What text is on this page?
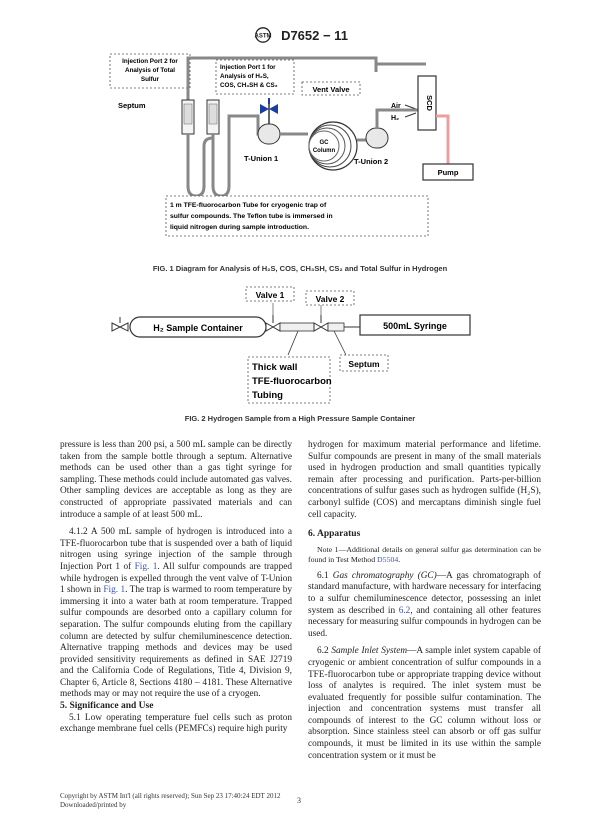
ASTM D7652 − 11
Injection Port 2 for
Analysis of Total
Sulfur
Injection Port 1 for
Analysis of H₂S,
COS, CH₃SH & CS₂
Septum
Vent Valve
GC
Column
Air
H₂
SCD
Pump
T-Union 1	T-Union 2
1 m TFE-fluorocarbon Tube for cryogenic trap of
sulfur compounds. The Teflon tube is immersed in
liquid nitrogen during sample introduction.
FIG. 1 Diagram for Analysis of H₂S, COS, CH₃SH, CS₂ and Total Sulfur in Hydrogen
Valve 1	Valve 2
H₂ Sample Container	500mL Syringe
Septum
Thick wall
TFE-fluorocarbon
Tubing
FIG. 2 Hydrogen Sample from a High Pressure Sample Container

pressure is less than 200 psi, a 500 mL sample can be directly taken from the sample bottle through a septum. Alternative methods can be used other than a gas tight syringe for sampling. These methods could include automated gas valves. Other sampling devices are acceptable as long as they are constructed of appropriate passivated materials and can introduce a sample of at least 500 mL.

4.1.2 A 500 mL sample of hydrogen is introduced into a TFE-fluorocarbon tube that is suspended over a bath of liquid nitrogen using syringe injection of the sample through Injection Port 1 of Fig. 1. All sulfur compounds are trapped while hydrogen is expelled through the vent valve of T-Union 1 shown in Fig. 1. The trap is warmed to room temperature by immersing it into a water bath at room temperature. Trapped sulfur compounds are desorbed onto a capillary column for separation. The sulfur compounds eluting from the capillary column are detected by sulfur chemiluminescence detection. Alternative trapping methods and devices may be used provided sensitivity requirements as defined in SAE J2719 and the California Code of Regulations, Title 4, Division 9, Chapter 6, Article 8, Sections 4180 – 4181. These Alternative methods may or may not require the use of a cryogen.

5. Significance and Use

5.1 Low operating temperature fuel cells such as proton exchange membrane fuel cells (PEMFCs) require high purity

hydrogen for maximum material performance and lifetime. Sulfur compounds are present in many of the small materials used in hydrogen production and small quantities typically remain after processing and purification. Parts-per-billion concentrations of sulfur gases such as hydrogen sulfide (H₂S), carbonyl sulfide (COS) and mercaptans diminish single fuel cell capacity.

6. Apparatus

Note 1—Additional details on general sulfur gas determination can be found in Test Method D5504.

6.1 Gas chromatography (GC)—A gas chromatograph of standard manufacture, with hardware necessary for interfacing to a sulfur chemiluminescence detector, possessing an inlet system as described in 6.2, and containing all other features necessary for measuring sulfur compounds in hydrogen can be used.

6.2 Sample Inlet System—A sample inlet system capable of cryogenic or ambient concentration of sulfur compounds in a TFE-fluorocarbon tube or appropriate trapping device without loss of analytes is required. The inlet system must be evaluated frequently for possible sulfur contamination. The injection and concentration systems must transfer all compounds of interest to the GC column without loss or absorption. Since stainless steel can absorb or off gas sulfur compounds, it must be limited in its use within the sample concentration system or it must be

Copyright by ASTM Int'l (all rights reserved); Sun Sep 23 17:40:24 EDT 2012
Downloaded/printed by	3
